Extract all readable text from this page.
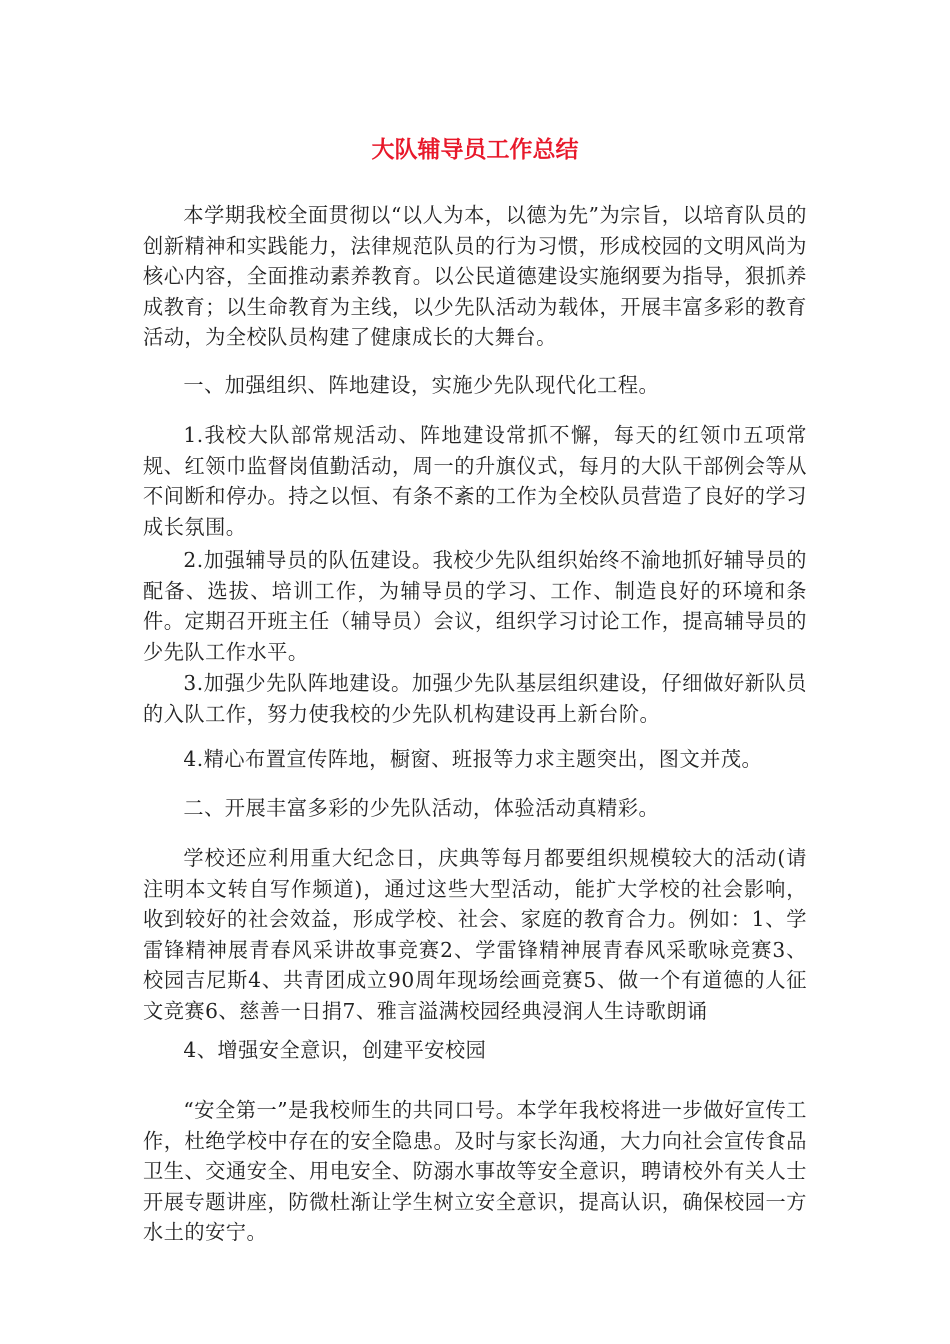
大队辅导员工作总结

本学期我校全面贯彻以“以人为本，以德为先”为宗旨，以培育队员的创新精神和实践能力，法律规范队员的行为习惯，形成校园的文明风尚为核心内容，全面推动素养教育。以公民道德建设实施纲要为指导，狠抓养成教育；以生命教育为主线，以少先队活动为载体，开展丰富多彩的教育活动，为全校队员构建了健康成长的大舞台。

一、加强组织、阵地建设，实施少先队现代化工程。

1.我校大队部常规活动、阵地建设常抓不懈，每天的红领巾五项常规、红领巾监督岗值勤活动，周一的升旗仪式，每月的大队干部例会等从不间断和停办。持之以恒、有条不紊的工作为全校队员营造了良好的学习成长氛围。

2.加强辅导员的队伍建设。我校少先队组织始终不渝地抓好辅导员的配备、选拔、培训工作，为辅导员的学习、工作、制造良好的环境和条件。定期召开班主任（辅导员）会议，组织学习讨论工作，提高辅导员的少先队工作水平。

3.加强少先队阵地建设。加强少先队基层组织建设，仔细做好新队员的入队工作，努力使我校的少先队机构建设再上新台阶。

4.精心布置宣传阵地，橱窗、班报等力求主题突出，图文并茂。

二、开展丰富多彩的少先队活动，体验活动真精彩。

学校还应利用重大纪念日，庆典等每月都要组织规模较大的活动(请注明本文转自写作频道)，通过这些大型活动，能扩大学校的社会影响，收到较好的社会效益，形成学校、社会、家庭的教育合力。例如：1、学雷锋精神展青春风采讲故事竞赛2、学雷锋精神展青春风采歌咏竞赛3、校园吉尼斯4、共青团成立90周年现场绘画竞赛5、做一个有道德的人征文竞赛6、慈善一日捐7、雅言溢满校园经典浸润人生诗歌朗诵

4、增强安全意识，创建平安校园

“安全第一”是我校师生的共同口号。本学年我校将进一步做好宣传工作，杜绝学校中存在的安全隐患。及时与家长沟通，大力向社会宣传食品卫生、交通安全、用电安全、防溺水事故等安全意识，聘请校外有关人士开展专题讲座，防微杜渐让学生树立安全意识，提高认识，确保校园一方水土的安宁。
